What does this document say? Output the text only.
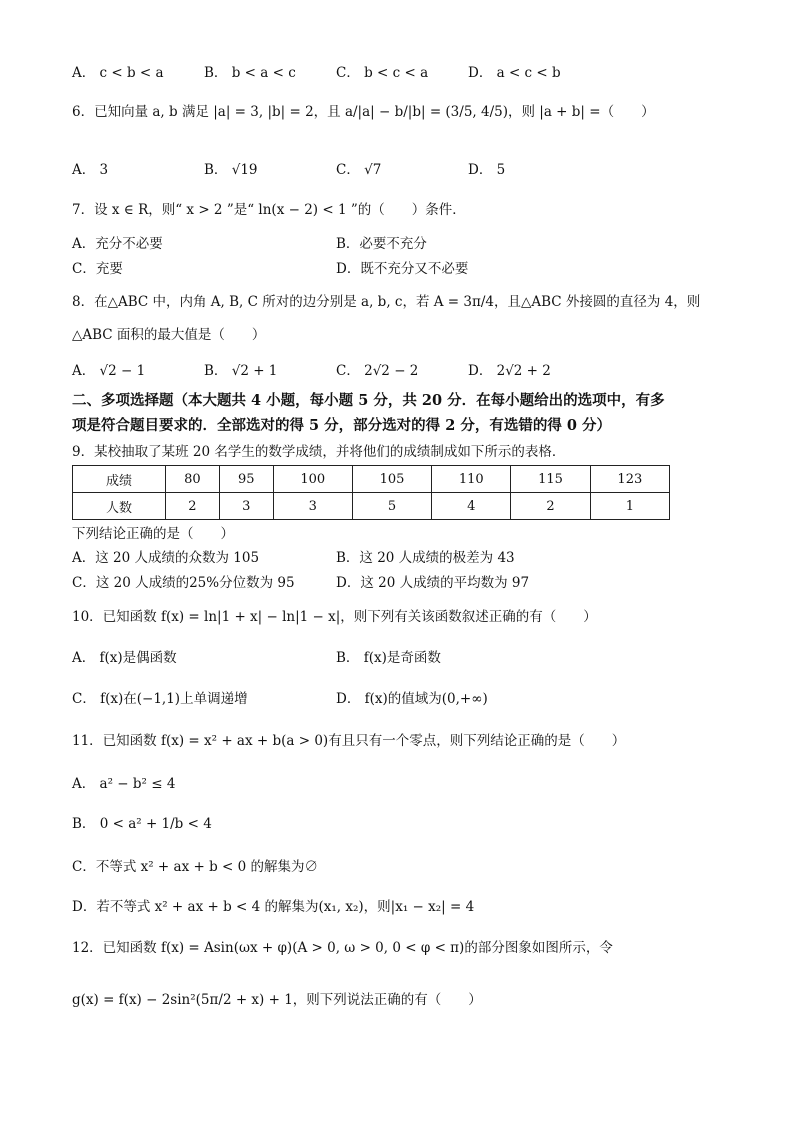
A． c < b < a	B． b < a < c	C． b < c < a	D． a < c < b
6．已知向量 a, b 满足 |a| = 3, |b| = 2，且 a/|a| − b/|b| = (3/5, 4/5)，则 |a + b| =（　　）
A． 3	B． √19	C． √7	D． 5
7．设 x ∈ R，则“ x > 2 ”是“ ln(x − 2) < 1 ”的（　　）条件．
A．充分不必要	B．必要不充分
C．充要	D．既不充分又不必要
8．在△ABC 中，内角 A, B, C 所对的边分别是 a, b, c，若 A = 3π/4，且△ABC 外接圆的直径为 4，则
△ABC 面积的最大值是（　　）
A． √2 − 1	B． √2 + 1	C． 2√2 − 2	D． 2√2 + 2
二、多项选择题（本大题共 4 小题，每小题 5 分，共 20 分．在每小题给出的选项中，有多
项是符合题目要求的．全部选对的得 5 分，部分选对的得 2 分，有选错的得 0 分）
9．某校抽取了某班 20 名学生的数学成绩，并将他们的成绩制成如下所示的表格．
成绩	80	95	100	105	110	115	123
人数	2	3	3	5	4	2	1
下列结论正确的是（　　）
A．这 20 人成绩的众数为 105	B．这 20 人成绩的极差为 43
C．这 20 人成绩的25%分位数为 95	D．这 20 人成绩的平均数为 97
10．已知函数 f(x) = ln|1 + x| − ln|1 − x|，则下列有关该函数叙述正确的有（　　）
A． f(x)是偶函数	B． f(x)是奇函数
C． f(x)在(−1,1)上单调递增	D． f(x)的值域为(0,+∞)
11．已知函数 f(x) = x² + ax + b(a > 0)有且只有一个零点，则下列结论正确的是（　　）
A． a² − b² ≤ 4
B． 0 < a² + 1/b < 4
C．不等式 x² + ax + b < 0 的解集为∅
D．若不等式 x² + ax + b < 4 的解集为(x₁, x₂)，则|x₁ − x₂| = 4
12．已知函数 f(x) = Asin(ωx + φ)(A > 0, ω > 0, 0 < φ < π)的部分图象如图所示，令
g(x) = f(x) − 2sin²(5π/2 + x) + 1，则下列说法正确的有（　　）
